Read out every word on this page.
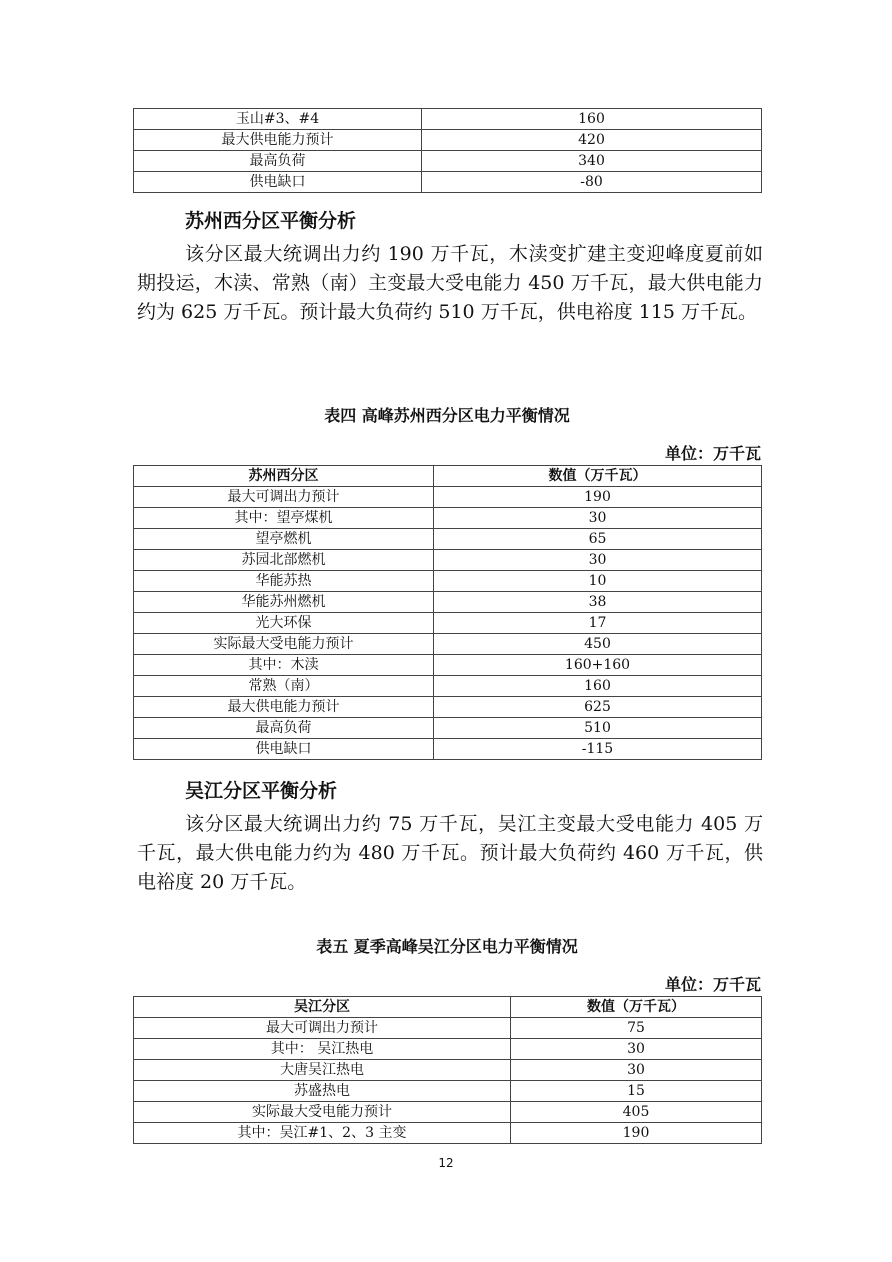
玉山#3、#4	160
最大供电能力预计	420
最高负荷	340
供电缺口	-80
苏州西分区平衡分析

该分区最大统调出力约 190 万千瓦，木渎变扩建主变迎峰度夏前如期投运，木渎、常熟（南）主变最大受电能力 450 万千瓦，最大供电能力约为 625 万千瓦。预计最大负荷约 510 万千瓦，供电裕度 115 万千瓦。

表四 高峰苏州西分区电力平衡情况
单位：万千瓦
苏州西分区	数值（万千瓦）
最大可调出力预计	190
其中：望亭煤机	30
望亭燃机	65
苏园北部燃机	30
华能苏热	10
华能苏州燃机	38
光大环保	17
实际最大受电能力预计	450
其中：木渎	160+160
常熟（南）	160
最大供电能力预计	625
最高负荷	510
供电缺口	-115
吴江分区平衡分析

该分区最大统调出力约 75 万千瓦，吴江主变最大受电能力 405 万千瓦，最大供电能力约为 480 万千瓦。预计最大负荷约 460 万千瓦，供电裕度 20 万千瓦。

表五 夏季高峰吴江分区电力平衡情况
单位：万千瓦
吴江分区	数值（万千瓦）
最大可调出力预计	75
其中： 吴江热电	30
大唐吴江热电	30
苏盛热电	15
实际最大受电能力预计	405
其中：吴江#1、2、3 主变	190
12
